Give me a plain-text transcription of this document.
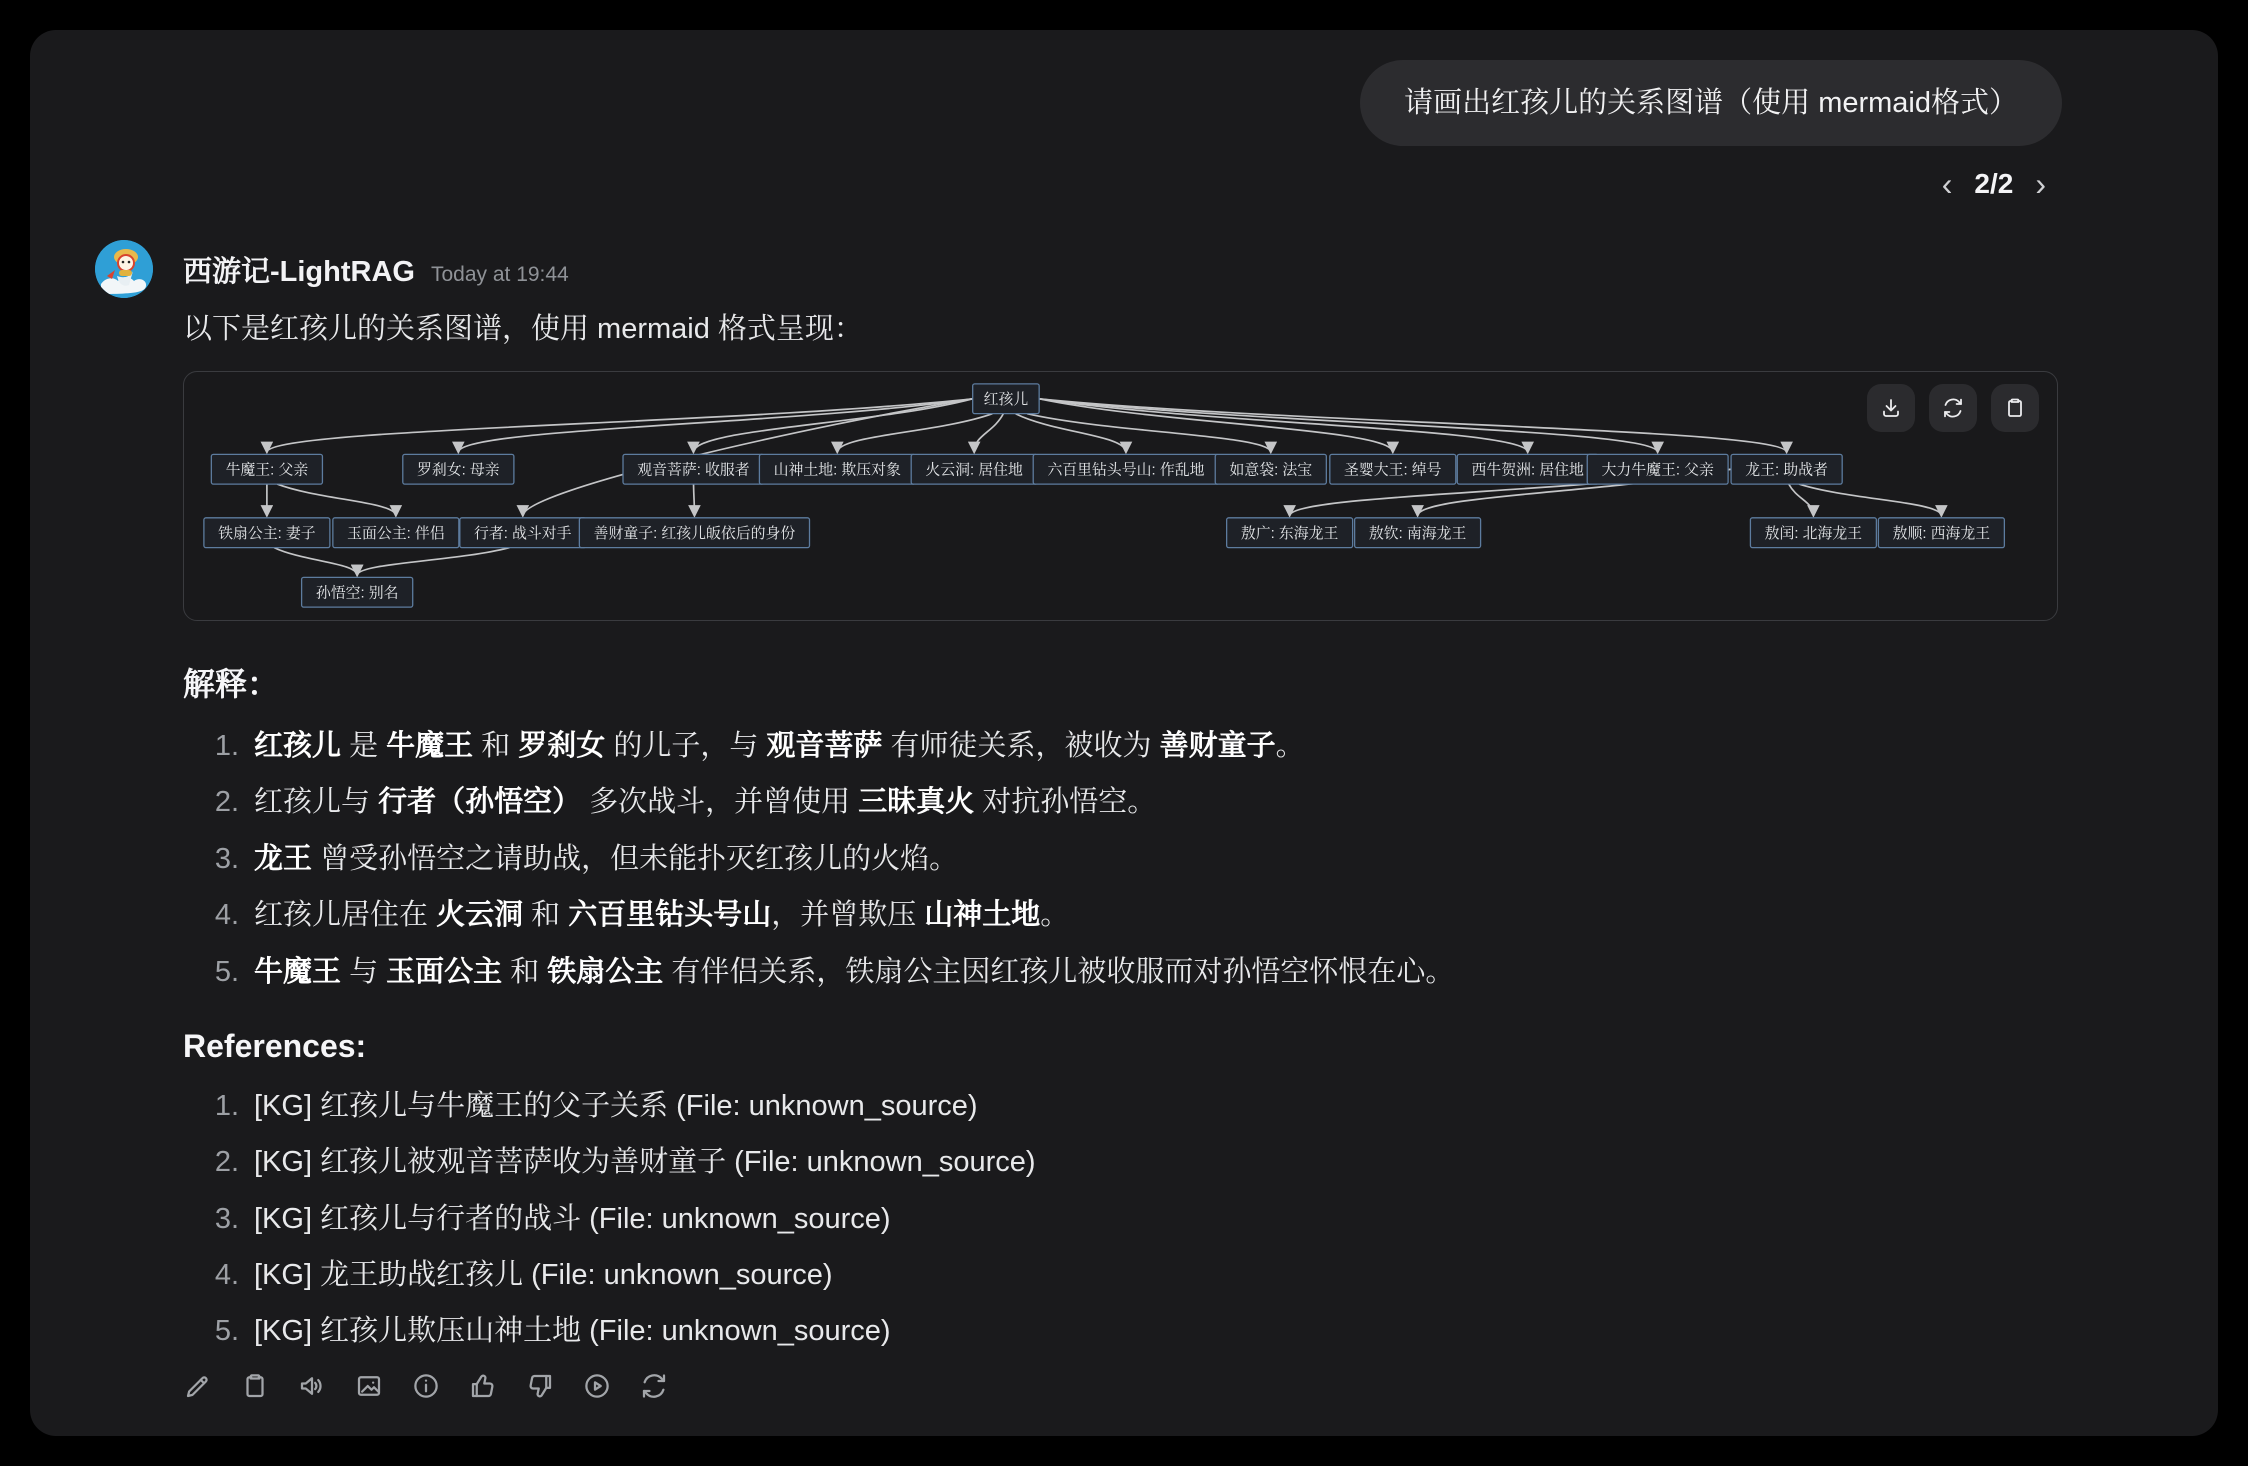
请画出红孩儿的关系图谱（使用 mermaid格式）
‹ 2/2 ›
西游记-LightRAG Today at 19:44
以下是红孩儿的关系图谱，使用 mermaid 格式呈现：
红孩儿
牛魔王: 父亲	罗刹女: 母亲	观音菩萨: 收服者 山神土地: 欺压对象 火云洞: 居住地 六百里钻头号山: 作乱地 如意袋: 法宝 圣婴大王: 绰号 西牛贺洲: 居住地 大力牛魔王: 父亲 龙王: 助战者
铁扇公主: 妻子 玉面公主: 伴侣 行者: 战斗对手 善财童子: 红孩儿皈依后的身份	敖广: 东海龙王 敖钦: 南海龙王	敖闰: 北海龙王 敖顺: 西海龙王
孙悟空: 别名
解释：
1. 红孩儿 是 牛魔王 和 罗刹女 的儿子，与 观音菩萨 有师徒关系，被收为 善财童子。
2. 红孩儿与 行者（孙悟空） 多次战斗，并曾使用 三昧真火 对抗孙悟空。
3. 龙王 曾受孙悟空之请助战，但未能扑灭红孩儿的火焰。
4. 红孩儿居住在 火云洞 和 六百里钻头号山，并曾欺压 山神土地。
5. 牛魔王 与 玉面公主 和 铁扇公主 有伴侣关系，铁扇公主因红孩儿被收服而对孙悟空怀恨在心。
References:
1. [KG] 红孩儿与牛魔王的父子关系 (File: unknown_source)
2. [KG] 红孩儿被观音菩萨收为善财童子 (File: unknown_source)
3. [KG] 红孩儿与行者的战斗 (File: unknown_source)
4. [KG] 龙王助战红孩儿 (File: unknown_source)
5. [KG] 红孩儿欺压山神土地 (File: unknown_source)
